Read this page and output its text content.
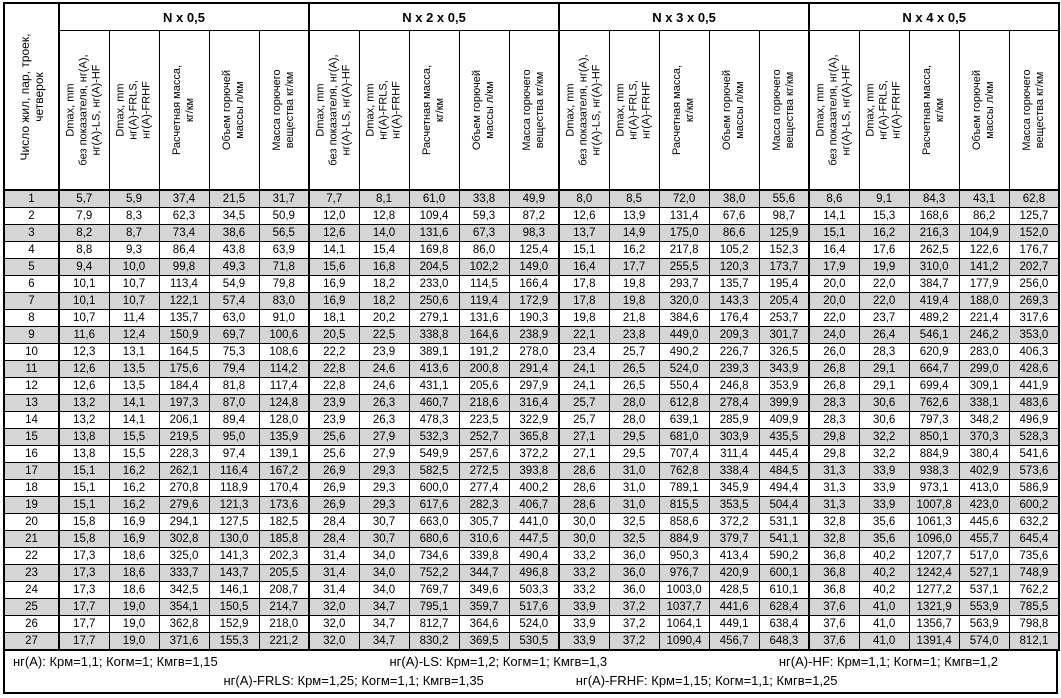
Число жил, пар, троек,
четверок	N x 0,5					N x 2 x 0,5					N x 3 x 0,5					N x 4 x 0,5				

	Dmax, mm
без показателя, нг(А),
нг(А)-LS, нг(А)-HF	Dmax, mm
нг(А)-FRLS,
нг(А)-FRHF	Расчетная масса,
кг/км	Объем горючей
массы л/км	Масса горючего
вещества кг/км	Dmax, mm
без показателя, нг(А),
нг(А)-LS, нг(А)-HF	Dmax, mm
нг(А)-FRLS,
нг(А)-FRHF	Расчетная масса,
кг/км	Объем горючей
массы л/км	Масса горючего
вещества кг/км	Dmax, mm
без показателя, нг(А),
нг(А)-LS, нг(А)-HF	Dmax, mm
нг(А)-FRLS,
нг(А)-FRHF	Расчетная масса,
кг/км	Объем горючей
массы л/км	Масса горючего
вещества кг/км	Dmax, mm
без показателя, нг(А),
нг(А)-LS, нг(А)-HF	Dmax, mm
нг(А)-FRLS,
нг(А)-FRHF	Расчетная масса,
кг/км	Объем горючей
массы л/км	Масса горючего
вещества кг/км

1	5,7	5,9	37,4	21,5	31,7	7,7	8,1	61,0	33,8	49,9	8,0	8,5	72,0	38,0	55,6	8,6	9,1	84,3	43,1	62,8
2	7,9	8,3	62,3	34,5	50,9	12,0	12,8	109,4	59,3	87,2	12,6	13,9	131,4	67,6	98,7	14,1	15,3	168,6	86,2	125,7
3	8,2	8,7	73,4	38,6	56,5	12,6	14,0	131,6	67,3	98,3	13,7	14,9	175,0	86,6	125,9	15,1	16,2	216,3	104,9	152,0
4	8,8	9,3	86,4	43,8	63,9	14,1	15,4	169,8	86,0	125,4	15,1	16,2	217,8	105,2	152,3	16,4	17,6	262,5	122,6	176,7
5	9,4	10,0	99,8	49,3	71,8	15,6	16,8	204,5	102,2	149,0	16,4	17,7	255,5	120,3	173,7	17,9	19,9	310,0	141,2	202,7
6	10,1	10,7	113,4	54,9	79,8	16,9	18,2	233,0	114,5	166,4	17,8	19,8	293,7	135,7	195,4	20,0	22,0	384,7	177,9	256,0
7	10,1	10,7	122,1	57,4	83,0	16,9	18,2	250,6	119,4	172,9	17,8	19,8	320,0	143,3	205,4	20,0	22,0	419,4	188,0	269,3
8	10,7	11,4	135,7	63,0	91,0	18,1	20,2	279,1	131,6	190,3	19,8	21,8	384,6	176,4	253,7	22,0	23,7	489,2	221,4	317,6
9	11,6	12,4	150,9	69,7	100,6	20,5	22,5	338,8	164,6	238,9	22,1	23,8	449,0	209,3	301,7	24,0	26,4	546,1	246,2	353,0
10	12,3	13,1	164,5	75,3	108,6	22,2	23,9	389,1	191,2	278,0	23,4	25,7	490,2	226,7	326,5	26,0	28,3	620,9	283,0	406,3
11	12,6	13,5	175,6	79,4	114,2	22,8	24,6	413,6	200,8	291,4	24,1	26,5	524,0	239,3	343,9	26,8	29,1	664,7	299,0	428,6
12	12,6	13,5	184,4	81,8	117,4	22,8	24,6	431,1	205,6	297,9	24,1	26,5	550,4	246,8	353,9	26,8	29,1	699,4	309,1	441,9
13	13,2	14,1	197,3	87,0	124,8	23,9	26,3	460,7	218,6	316,4	25,7	28,0	612,8	278,4	399,9	28,3	30,6	762,6	338,1	483,6
14	13,2	14,1	206,1	89,4	128,0	23,9	26,3	478,3	223,5	322,9	25,7	28,0	639,1	285,9	409,9	28,3	30,6	797,3	348,2	496,9
15	13,8	15,5	219,5	95,0	135,9	25,6	27,9	532,3	252,7	365,8	27,1	29,5	681,0	303,9	435,5	29,8	32,2	850,1	370,3	528,3
16	13,8	15,5	228,3	97,4	139,1	25,6	27,9	549,9	257,6	372,2	27,1	29,5	707,4	311,4	445,4	29,8	32,2	884,9	380,4	541,6
17	15,1	16,2	262,1	116,4	167,2	26,9	29,3	582,5	272,5	393,8	28,6	31,0	762,8	338,4	484,5	31,3	33,9	938,3	402,9	573,6
18	15,1	16,2	270,8	118,9	170,4	26,9	29,3	600,0	277,4	400,2	28,6	31,0	789,1	345,9	494,4	31,3	33,9	973,1	413,0	586,9
19	15,1	16,2	279,6	121,3	173,6	26,9	29,3	617,6	282,3	406,7	28,6	31,0	815,5	353,5	504,4	31,3	33,9	1007,8	423,0	600,2
20	15,8	16,9	294,1	127,5	182,5	28,4	30,7	663,0	305,7	441,0	30,0	32,5	858,6	372,2	531,1	32,8	35,6	1061,3	445,6	632,2
21	15,8	16,9	302,8	130,0	185,8	28,4	30,7	680,6	310,6	447,5	30,0	32,5	884,9	379,7	541,1	32,8	35,6	1096,0	455,7	645,4
22	17,3	18,6	325,0	141,3	202,3	31,4	34,0	734,6	339,8	490,4	33,2	36,0	950,3	413,4	590,2	36,8	40,2	1207,7	517,0	735,6
23	17,3	18,6	333,7	143,7	205,5	31,4	34,0	752,2	344,7	496,8	33,2	36,0	976,7	420,9	600,1	36,8	40,2	1242,4	527,1	748,9
24	17,3	18,6	342,5	146,1	208,7	31,4	34,0	769,7	349,6	503,3	33,2	36,0	1003,0	428,5	610,1	36,8	40,2	1277,2	537,1	762,2
25	17,7	19,0	354,1	150,5	214,7	32,0	34,7	795,1	359,7	517,6	33,9	37,2	1037,7	441,6	628,4	37,6	41,0	1321,9	553,9	785,5
26	17,7	19,0	362,8	152,9	218,0	32,0	34,7	812,7	364,6	524,0	33,9	37,2	1064,1	449,1	638,4	37,6	41,0	1356,7	563,9	798,8
27	17,7	19,0	371,6	155,3	221,2	32,0	34,7	830,2	369,5	530,5	33,9	37,2	1090,4	456,7	648,3	37,6	41,0	1391,4	574,0	812,1
нг(А): Крм=1,1; Когм=1; Кмгв=1,15	нг(А)-LS: Крм=1,2; Когм=1; Кмгв=1,3	нг(А)-HF: Крм=1,1; Когм=1; Кмгв=1,2
нг(А)-FRLS: Крм=1,25; Когм=1,1; Кмгв=1,35	нг(А)-FRHF: Крм=1,15; Когм=1,1; Кмгв=1,25
